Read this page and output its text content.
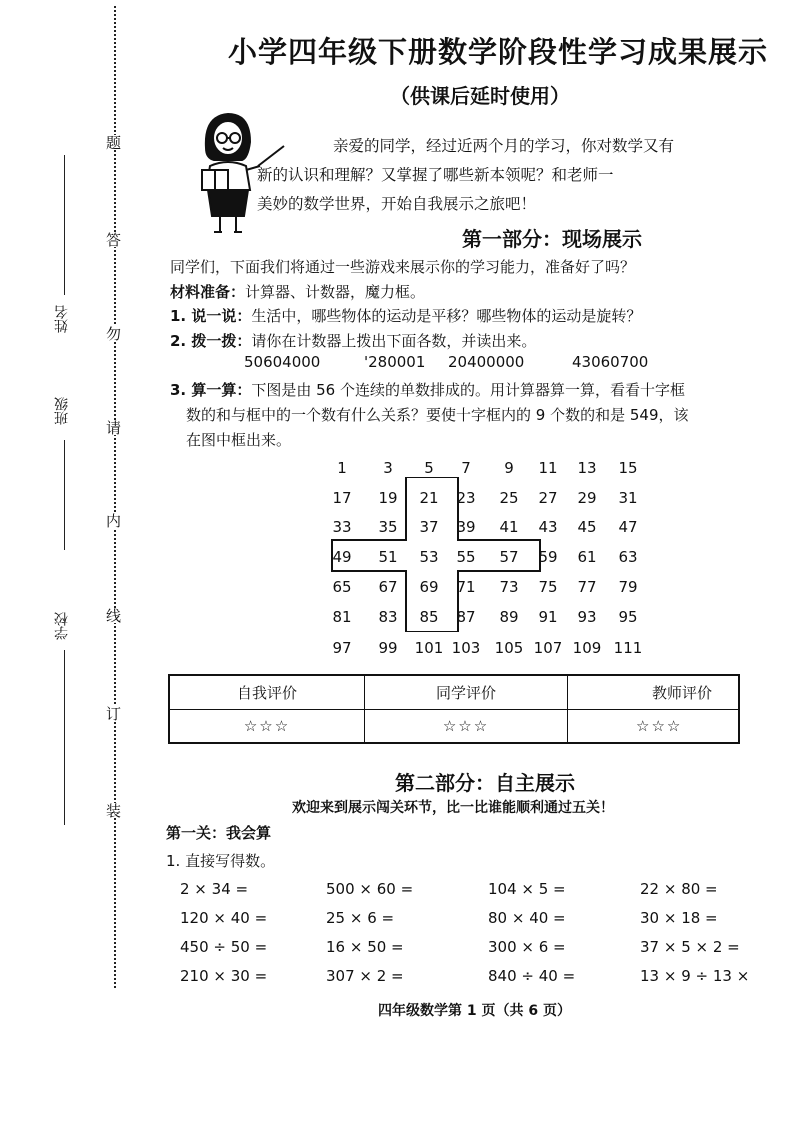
题
答
勿
请
内
线
订
装
姓名
班级
学校
小学四年级下册数学阶段性学习成果展示
（供课后延时使用）
亲爱的同学，经过近两个月的学习，你对数学又有
新的认识和理解？又掌握了哪些新本领呢？和老师一
美妙的数学世界，开始自我展示之旅吧！
第一部分：现场展示
同学们，下面我们将通过一些游戏来展示你的学习能力，准备好了吗？
材料准备：计算器、计数器，魔力框。
1. 说一说：生活中，哪些物体的运动是平移？哪些物体的运动是旋转？
2. 拨一拨：请你在计数器上拨出下面各数，并读出来。
50604000	'280001 20400000	43060700
3. 算一算：下图是由 56 个连续的单数排成的。用计算器算一算，看看十字框
数的和与框中的一个数有什么关系？要使十字框内的 9 个数的和是 549，该
在图中框出来。
1	3	5	7	9	11	13	15
17	19	21	23	25	27	29	31
33	35	37	39	41	43	45	47
49	51	53	55	57	59	61	63
65	67	69	71	73	75	77	79
81	83	85	87	89	91	93	95
97	99	101 103 105 107 109 111
自我评价	同学评价	教师评价
☆☆☆	☆☆☆	☆☆☆
第二部分：自主展示
欢迎来到展示闯关环节，比一比谁能顺利通过五关！
第一关：我会算
1. 直接写得数。
2 × 34 =	500 × 60 =	104 × 5 =	22 × 80 =
120 × 40 =	25 × 6 =	80 × 40 =	30 × 18 =
450 ÷ 50 =	16 × 50 =	300 × 6 =	37 × 5 × 2 =
210 × 30 =	307 × 2 =	840 ÷ 40 =	13 × 9 ÷ 13 ×
四年级数学第 1 页（共 6 页）
